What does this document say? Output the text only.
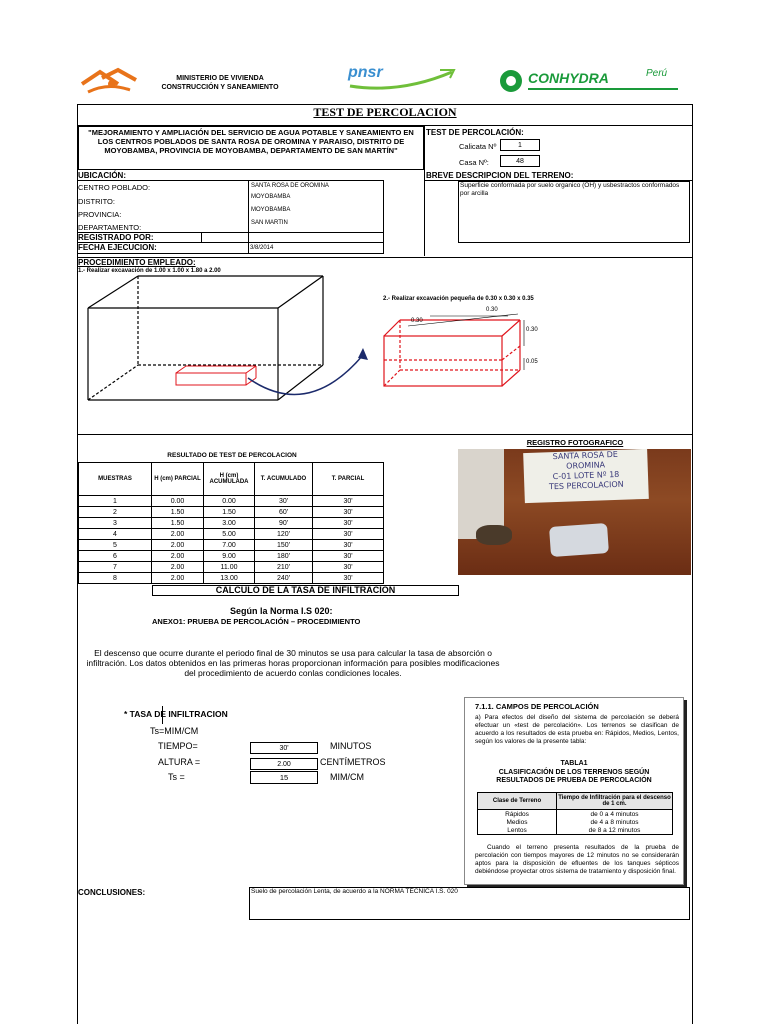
MINISTERIO DE VIVIENDA
CONSTRUCCIÓN Y SANEAMIENTO
pnsr	CONHYDRA	Perú
TEST DE PERCOLACION
"MEJORAMIENTO Y AMPLIACIÓN DEL SERVICIO DE AGUA POTABLE Y SANEAMIENTO EN LOS CENTROS POBLADOS DE SANTA ROSA DE OROMINA Y PARAISO, DISTRITO DE MOYOBAMBA, PROVINCIA DE MOYOBAMBA, DEPARTAMENTO DE SAN MARTÍN"
TEST DE PERCOLACIÓN:
Calicata Nº	1
Casa Nº:	48
UBICACIÓN:
CENTRO POBLADO:	SANTA ROSA DE OROMINA
DISTRITO:	MOYOBAMBA
PROVINCIA:	MOYOBAMBA
DEPARTAMENTO:	SAN MARTIN
REGISTRADO POR:
FECHA EJECUCION:	3/8/2014
BREVE DESCRIPCION DEL TERRENO:
Superficie conformada por suelo organico (OH) y usbestractos conformados por arcilla
PROCEDIMIENTO EMPLEADO:
1.- Realizar excavación de 1.00 x 1.00 x 1.80 a 2.00
2.- Realizar excavación pequeña de 0.30 x 0.30 x 0.35
0.30
0.30
0.30
0.05
RESULTADO DE TEST DE PERCOLACION
MUESTRAS	H (cm) PARCIAL	H (cm) ACUMULADA	T. ACUMULADO	T. PARCIAL
1	0.00	0.00	30'	30'
2	1.50	1.50	60'	30'
3	1.50	3.00	90'	30'
4	2.00	5.00	120'	30'
5	2.00	7.00	150'	30'
6	2.00	9.00	180'	30'
7	2.00	11.00	210'	30'
8	2.00	13.00	240'	30'
REGISTRO FOTOGRAFICO
SANTA ROSA DE
OROMINA
C-01 LOTE Nº 18
TES PERCOLACION
CALCULO DE LA TASA DE INFILTRACION
Según la Norma I.S 020:
ANEXO1: PRUEBA DE PERCOLACIÓN – PROCEDIMIENTO
El descenso que ocurre durante el periodo final de 30 minutos se usa para calcular la tasa de absorción o infiltración. Los datos obtenidos en las primeras horas proporcionan información para posibles modificaciones del procedimiento de acuerdo conlas condiciones locales.
* TASA DE INFILTRACION
Ts=MIM/CM
TIEMPO=	30'	MINUTOS
ALTURA =	2.00	CENTÍMETROS
Ts =	15	MIM/CM
7.1.1. CAMPOS DE PERCOLACIÓN
a) Para efectos del diseño del sistema de percolación se deberá efectuar un «test de percolación». Los terrenos se clasifican de acuerdo a los resultados de esta prueba en: Rápidos, Medios, Lentos, según los valores de la presente tabla:
TABLA1
CLASIFICACIÓN DE LOS TERRENOS SEGÚN
RESULTADOS DE PRUEBA DE PERCOLACIÓN
Clase de Terreno	Tiempo de Infiltración para el descenso de 1 cm.
Rápidos	de 0 a 4 minutos
Medios	de 4 a 8 minutos
Lentos	de 8 a 12 minutos
Cuando el terreno presenta resultados de la prueba de percolación con tiempos mayores de 12 minutos no se considerarán aptos para la disposición de efluentes de los tanques sépticos debiéndose proyectar otros sistema de tratamiento y disposición final.
CONCLUSIONES:	Suelo de percolación Lenta, de acuerdo a la NORMA TÉCNICA I.S. 020
